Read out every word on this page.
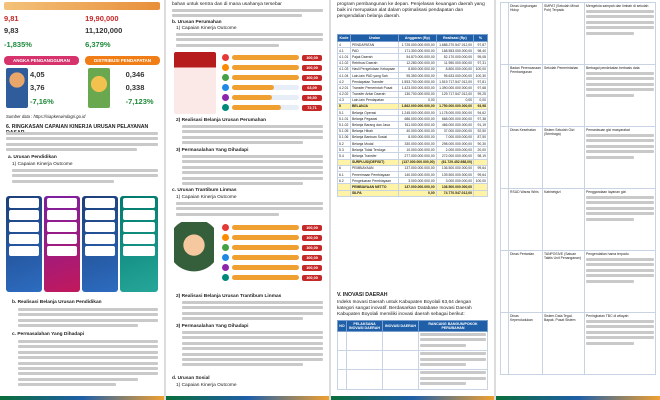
9,81	19,90,000
9,83	11,120,000
-1,835%	6,379%
ANGKA PENGANGGURAN	DISTRIBUSI PENDAPATAN
4,05	0,346
3,76	0,338
-7,16%	-7,123%
Sumber data : https://siapkerwindagri.go.id
6. RINGKASAN CAPAIAN KINERJA URUSAN PELAYANAN
a. Urusan Pendidikan
1) Capaian Kinerja Outcome
b. Realisasi Belanja Urusan Pendidikan
c. Permasalahan Yang Dihadapi
bahan untuk sentra dan di mana usahanya tersebar
b. Urusan Perumahan
1) Capaian Kinerja Outcome
100,00
100,00
100,00
63,09
59,50
72,71
2) Realisasi Belanja Urusan Perumahan
3) Permasalahan Yang Dihadapi
c. Urusan Trantibum Linmas
1) Capaian Kinerja Outcome
100,00
100,00
100,00
100,00
100,00
100,00
2) Realisasi Belanja Urusan Trantibum Linmas
3) Permasalahan Yang Dihadapi
d. Urusan Sosial
1) Capaian Kinerja Outcome
program pembangunan ke depan. Penjelasan keuangan daerah yang baik ini merupakan alat dalam optimalisasi pendapatan dan pengendalian belanja daerah.
Kode	Uraian	Anggaran (Rp)	Realisasi (Rp)	%
4	PENDAPATAN	1.725.000.000.000,00	1.688.270.547.012,00	97,87
4.1	PAD	171.300.000.000,00	168.553.000.000,00	98,40
4.1.01	Pajak Daerah	54.870.000.000,00	52.170.000.000,00	95,08
4.1.02	Retribusi Daerah	12.280.000.000,00	11.950.000.000,00	97,31
4.1.03	Hasil Pengelolaan Kekayaan	8.800.000.000,00	8.800.000.000,00	100,00
4.1.04	Lain-lain PAD yang Sah	95.350.000.000,00	95.633.000.000,00	100,30
4.2	Pendapatan Transfer	1.553.700.000.000,00	1.519.717.547.012,00	97,81
4.2.01	Transfer Pemerintah Pusat	1.423.000.000.000,00	1.390.000.000.000,00	97,68
4.2.02	Transfer Antar Daerah	130.700.000.000,00	129.717.547.012,00	99,25
4.3	Lain-lain Pendapatan	0,00	0,00	0,00
5	BELANJA	1.862.000.000.000,00	1.750.000.000.000,00	93,98
5.1	Belanja Operasi	1.245.000.000.000,00	1.178.000.000.000,00	94,62
5.1.01	Belanja Pegawai	686.000.000.000,00	668.000.000.000,00	97,38
5.1.02	Belanja Barang dan Jasa	511.000.000.000,00	466.000.000.000,00	91,19
5.1.05	Belanja Hibah	40.000.000.000,00	37.000.000.000,00	92,50
5.1.06	Belanja Bantuan Sosial	8.000.000.000,00	7.000.000.000,00	87,50
5.2	Belanja Modal	330.000.000.000,00	298.000.000.000,00	90,30
5.3	Belanja Tidak Terduga	10.000.000.000,00	2.000.000.000,00	20,00
5.4	Belanja Transfer	277.000.000.000,00	272.000.000.000,00	98,19
	SURPLUS/(DEFISIT)	(137.000.000.000,00)	(61.729.452.988,00)	
6	PEMBIAYAAN	137.000.000.000,00	136.500.000.000,00	99,64
6.1	Penerimaan Pembiayaan	140.000.000.000,00	139.500.000.000,00	99,64
6.2	Pengeluaran Pembiayaan	3.000.000.000,00	3.000.000.000,00	100,00
	PEMBIAYAAN NETTO	137.000.000.000,00	136.500.000.000,00	
	SILPA	0,00	74.770.547.012,00	
V. INOVASI DAERAH
Indeks Inovasi Daerah untuk Kabupaten Boyolali 63,64 dengan kategori sangat inovatif. Berdasarkan Database Inovasi Daerah Kabupaten Boyolali memiliki inovasi daerah sebagai berikut:
NO	PELAKSANA INOVASI DAERAH	INOVASI DAERAH	RANCANG BANGUN/POKOK PERUBAHAN

	Dinas Lingkungan Hidup	SMPAT (Sekolah Minat Poh) Terpadu	Mengelola sampah dan limbah di sekolah

	Badan Perencanaan Pembangunan	Sekolah Pemerintahan	Berbagai pendekatan berbasis data

	Dinas Kesehatan	Sistem Sekolah Gizi (Srimbaga)	Pemantauan gizi masyarakat

	RSUD Waras Wiris	Kabinetgizi	Penggandaan layanan gizi

	Dinas Pertanian	TANPOSIVE (Satuan Taktis Unit Penanganan)	Pengendalian hama terpadu

	Dinas Kependudukan	Sistem Data Tegal, Bapak, Pusat Sistem	Peningkatan TBC di wilayah
